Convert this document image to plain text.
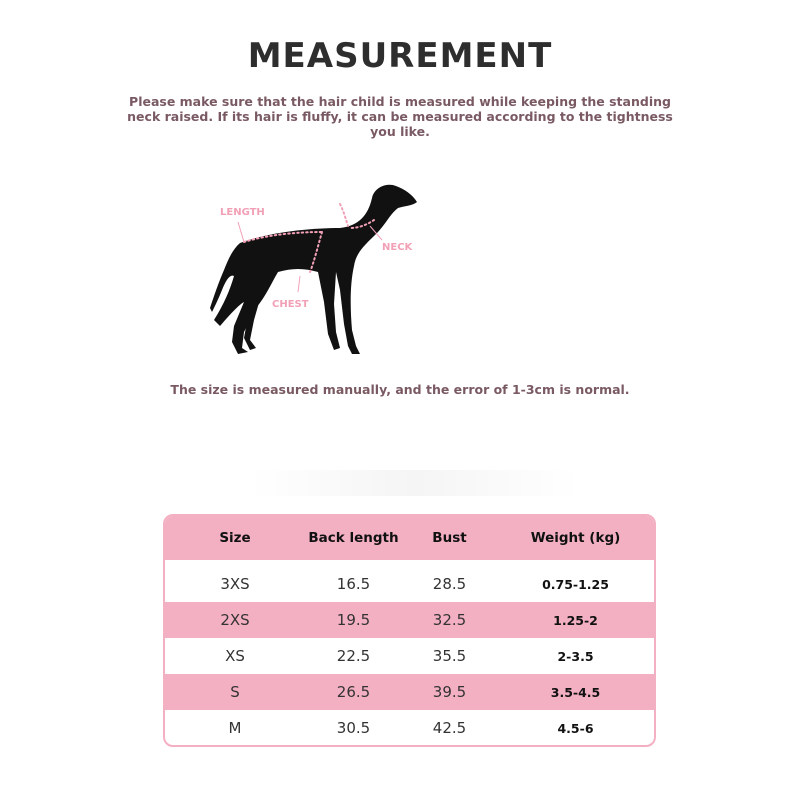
MEASUREMENT
Please make sure that the hair child is measured while keeping the standing neck raised. If its hair is fluffy, it can be measured according to the tightness you like.
LENGTH
NECK
CHEST
The size is measured manually, and the error of 1-3cm is normal.
Size	Back length	Bust	Weight (kg)
3XS	16.5	28.5	0.75-1.25
2XS	19.5	32.5	1.25-2
XS	22.5	35.5	2-3.5
S	26.5	39.5	3.5-4.5
M	30.5	42.5	4.5-6
